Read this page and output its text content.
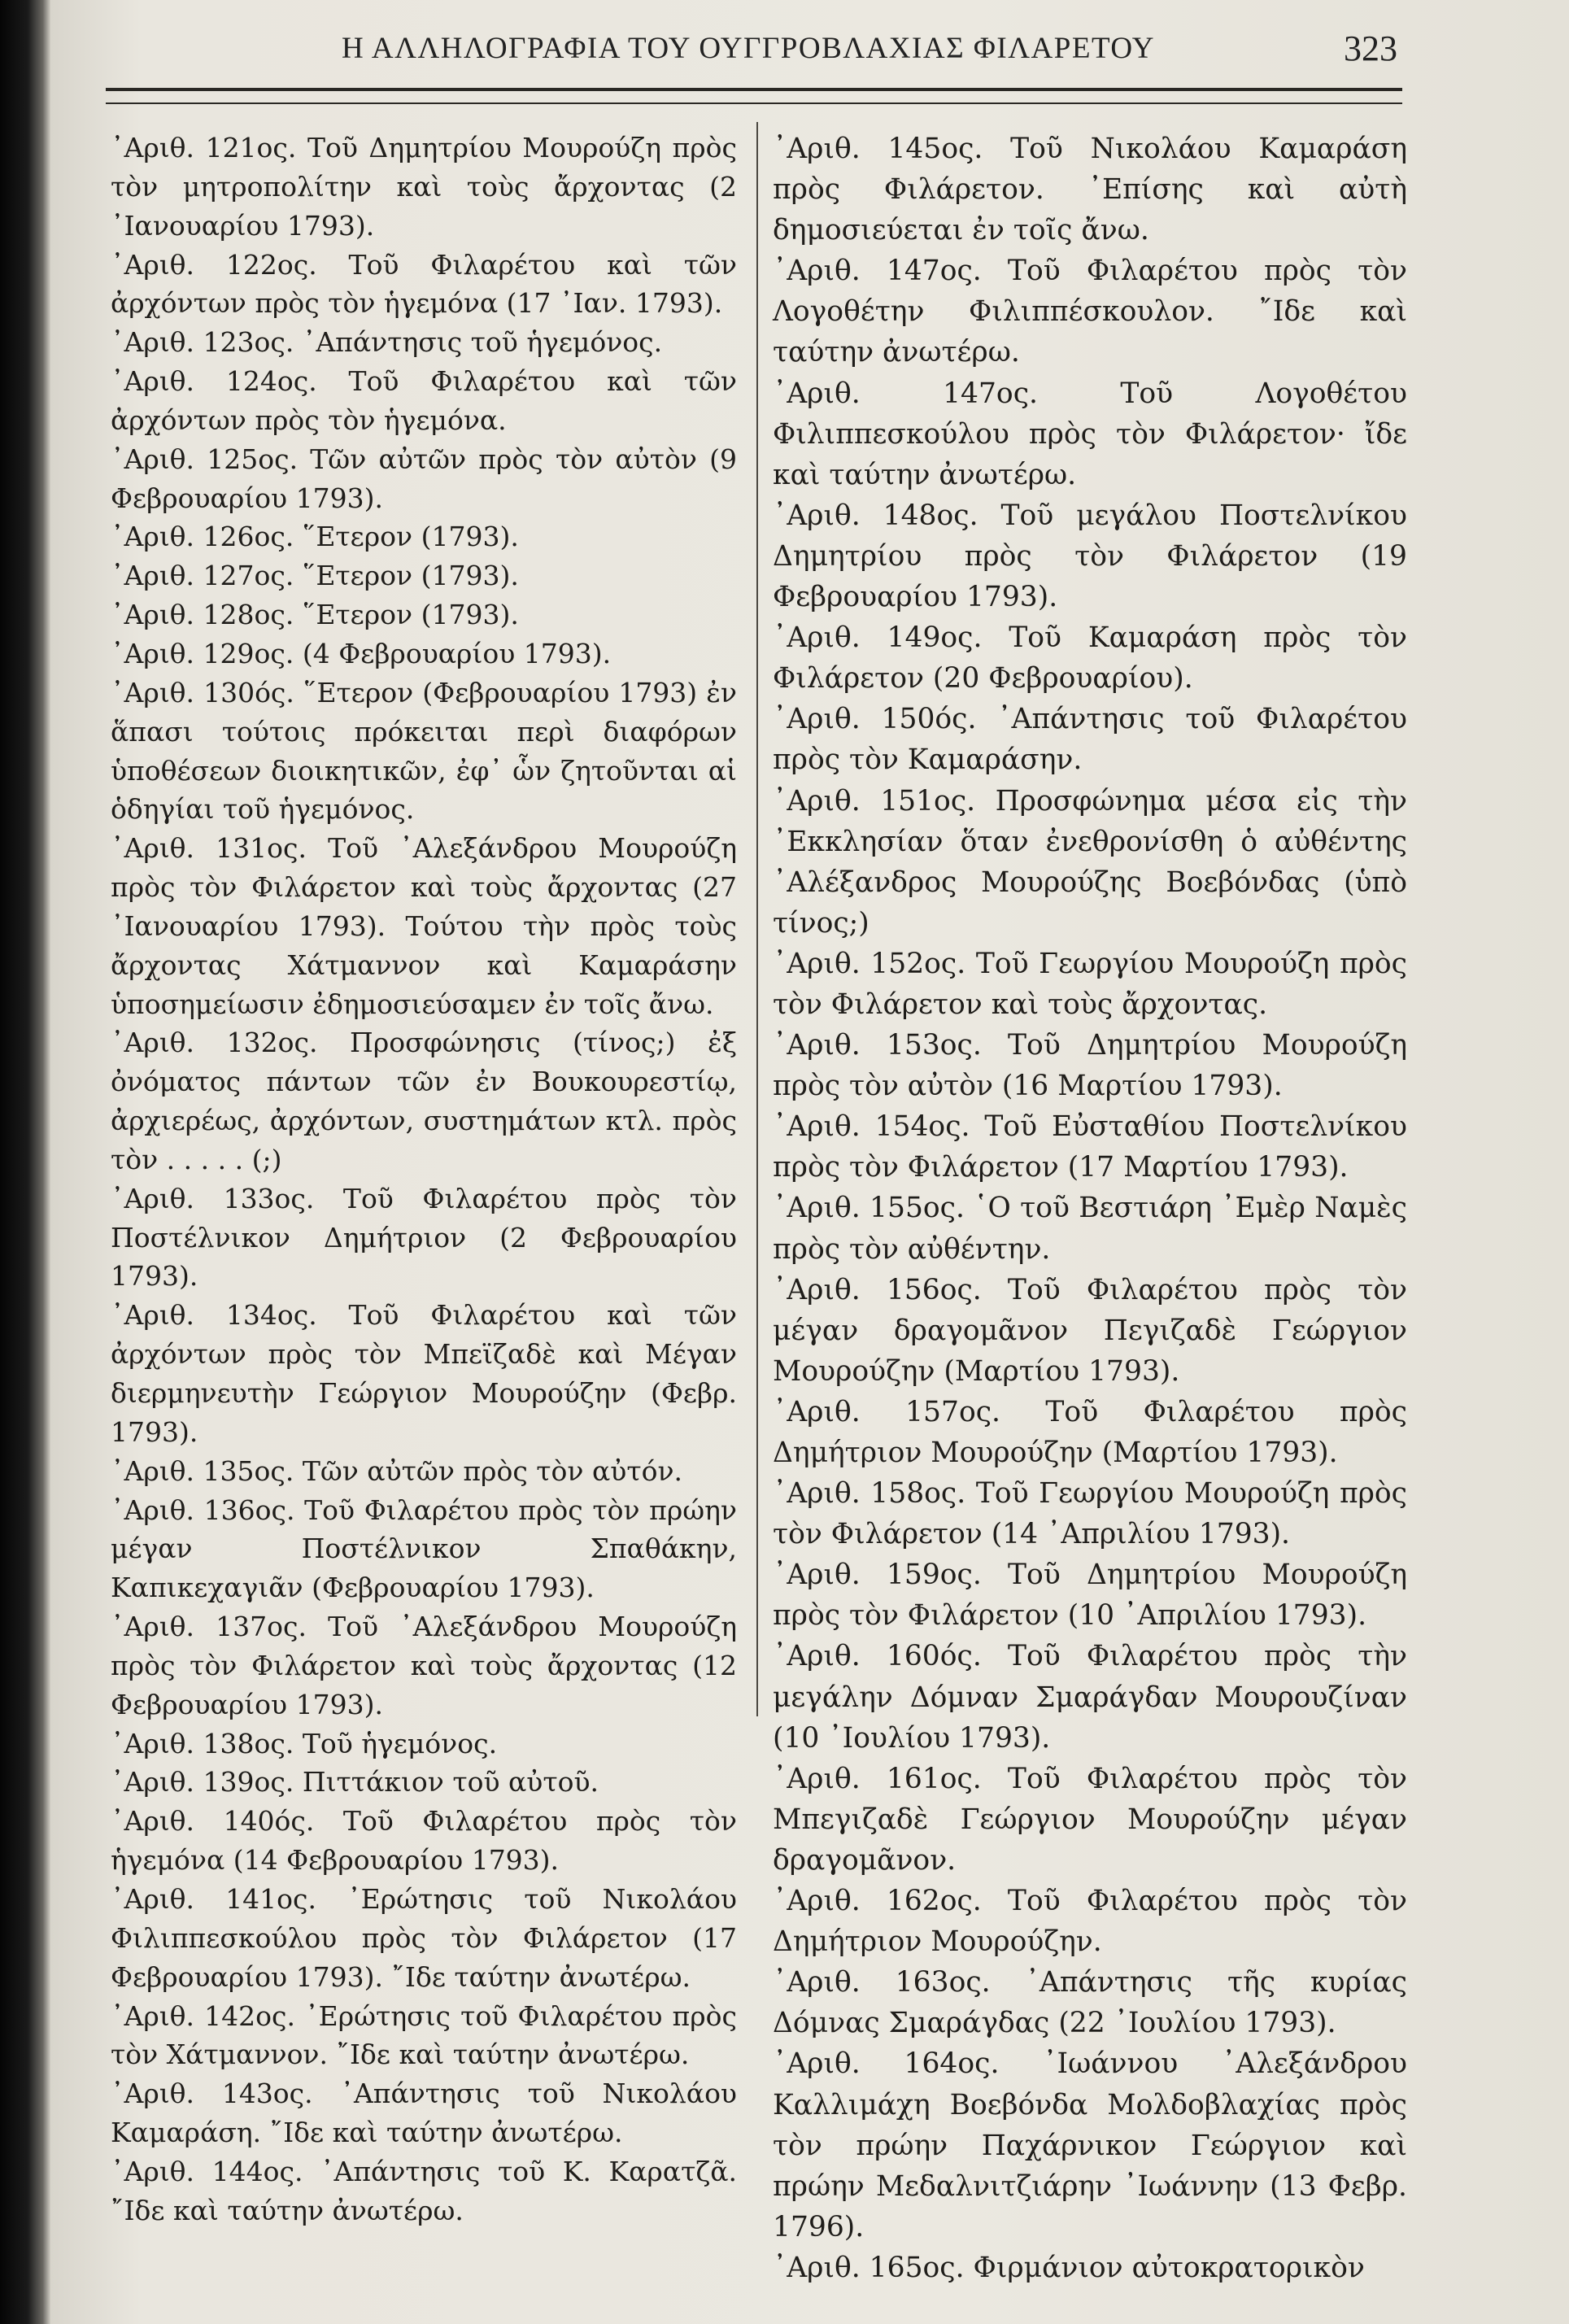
Η ΑΛΛΗΛΟΓΡΑΦΙΑ ΤΟΥ ΟΥΓΓΡΟΒΛΑΧΙΑΣ ΦΙΛΑΡΕΤΟΥ	323

᾿Αριθ. 121ος. Τοῦ Δημητρίου Μουρούζη πρὸς τὸν μητροπολίτην καὶ τοὺς ἄρχοντας (2 ᾿Ιανουαρίου 1793).

᾿Αριθ. 122ος. Τοῦ Φιλαρέτου καὶ τῶν ἀρχόντων πρὸς τὸν ἡγεμόνα (17 ᾿Ιαν. 1793).

᾿Αριθ. 123ος. ᾿Απάντησις τοῦ ἡγεμόνος.

᾿Αριθ. 124ος. Τοῦ Φιλαρέτου καὶ τῶν ἀρχόντων πρὸς τὸν ἡγεμόνα.

᾿Αριθ. 125ος. Τῶν αὐτῶν πρὸς τὸν αὐτὸν (9 Φεβρουαρίου 1793).

᾿Αριθ. 126ος. ῞Ετερον (1793).

᾿Αριθ. 127ος. ῞Ετερον (1793).

᾿Αριθ. 128ος. ῞Ετερον (1793).

᾿Αριθ. 129ος. (4 Φεβρουαρίου 1793).

᾿Αριθ. 130ός. ῞Ετερον (Φεβρουαρίου 1793) ἐν ἅπασι τούτοις πρόκειται περὶ διαφόρων ὑποθέσεων διοικητικῶν, ἐφ᾿ ὧν ζητοῦνται αἱ ὁδηγίαι τοῦ ἡγεμόνος.

᾿Αριθ. 131ος. Τοῦ ᾿Αλεξάνδρου Μουρούζη πρὸς τὸν Φιλάρετον καὶ τοὺς ἄρχοντας (27 ᾿Ιανουαρίου 1793). Τούτου τὴν πρὸς τοὺς ἄρχοντας Χάτμαννον καὶ Καμαράσην ὑποσημείωσιν ἐδημοσιεύσαμεν ἐν τοῖς ἄνω.

᾿Αριθ. 132ος. Προσφώνησις (τίνος;) ἐξ ὀνόματος πάντων τῶν ἐν Βουκουρεστίῳ, ἀρχιερέως, ἀρχόντων, συστημάτων κτλ. πρὸς τὸν . . . . . (;)

᾿Αριθ. 133ος. Τοῦ Φιλαρέτου πρὸς τὸν Ποστέλνικον Δημήτριον (2 Φεβρουαρίου 1793).

᾿Αριθ. 134ος. Τοῦ Φιλαρέτου καὶ τῶν ἀρχόντων πρὸς τὸν Μπεϊζαδὲ καὶ Μέγαν διερμηνευτὴν Γεώργιον Μουρούζην (Φεβρ. 1793).

᾿Αριθ. 135ος. Τῶν αὐτῶν πρὸς τὸν αὐτόν.

᾿Αριθ. 136ος. Τοῦ Φιλαρέτου πρὸς τὸν πρώην μέγαν Ποστέλνικον Σπαθάκην, Καπικεχαγιᾶν (Φεβρουαρίου 1793).

᾿Αριθ. 137ος. Τοῦ ᾿Αλεξάνδρου Μουρούζη πρὸς τὸν Φιλάρετον καὶ τοὺς ἄρχοντας (12 Φεβρουαρίου 1793).

᾿Αριθ. 138ος. Τοῦ ἡγεμόνος.

᾿Αριθ. 139ος. Πιττάκιον τοῦ αὐτοῦ.

᾿Αριθ. 140ός. Τοῦ Φιλαρέτου πρὸς τὸν ἡγεμόνα (14 Φεβρουαρίου 1793).

᾿Αριθ. 141ος. ᾿Ερώτησις τοῦ Νικολάου Φιλιππεσκούλου πρὸς τὸν Φιλάρετον (17 Φεβρουαρίου 1793). ῎Ιδε ταύτην ἀνωτέρω.

᾿Αριθ. 142ος. ᾿Ερώτησις τοῦ Φιλαρέτου πρὸς τὸν Χάτμαννον. ῎Ιδε καὶ ταύτην ἀνωτέρω.

᾿Αριθ. 143ος. ᾿Απάντησις τοῦ Νικολάου Καμαράση. ῎Ιδε καὶ ταύτην ἀνωτέρω.

᾿Αριθ. 144ος. ᾿Απάντησις τοῦ Κ. Καρατζᾶ. ῎Ιδε καὶ ταύτην ἀνωτέρω.

᾿Αριθ. 145ος. Τοῦ Νικολάου Καμαράση πρὸς Φιλάρετον. ᾿Επίσης καὶ αὐτὴ δημοσιεύεται ἐν τοῖς ἄνω.

᾿Αριθ. 147ος. Τοῦ Φιλαρέτου πρὸς τὸν Λογοθέτην Φιλιππέσκουλον. ῎Ιδε καὶ ταύτην ἀνωτέρω.

᾿Αριθ. 147ος. Τοῦ Λογοθέτου Φιλιππεσκούλου πρὸς τὸν Φιλάρετον· ἴδε καὶ ταύτην ἀνωτέρω.

᾿Αριθ. 148ος. Τοῦ μεγάλου Ποστελνίκου Δημητρίου πρὸς τὸν Φιλάρετον (19 Φεβρουαρίου 1793).

᾿Αριθ. 149ος. Τοῦ Καμαράση πρὸς τὸν Φιλάρετον (20 Φεβρουαρίου).

᾿Αριθ. 150ός. ᾿Απάντησις τοῦ Φιλαρέτου πρὸς τὸν Καμαράσην.

᾿Αριθ. 151ος. Προσφώνημα μέσα εἰς τὴν ᾿Εκκλησίαν ὅταν ἐνεθρονίσθη ὁ αὐθέντης ᾿Αλέξανδρος Μουρούζης Βοεβόνδας (ὑπὸ τίνος;)

᾿Αριθ. 152ος. Τοῦ Γεωργίου Μουρούζη πρὸς τὸν Φιλάρετον καὶ τοὺς ἄρχοντας.

᾿Αριθ. 153ος. Τοῦ Δημητρίου Μουρούζη πρὸς τὸν αὐτὸν (16 Μαρτίου 1793).

᾿Αριθ. 154ος. Τοῦ Εὐσταθίου Ποστελνίκου πρὸς τὸν Φιλάρετον (17 Μαρτίου 1793).

᾿Αριθ. 155ος. ῾Ο τοῦ Βεστιάρη ᾿Εμὲρ Ναμὲς πρὸς τὸν αὐθέντην.

᾿Αριθ. 156ος. Τοῦ Φιλαρέτου πρὸς τὸν μέγαν δραγομᾶνον Πεγιζαδὲ Γεώργιον Μουρούζην (Μαρτίου 1793).

᾿Αριθ. 157ος. Τοῦ Φιλαρέτου πρὸς Δημήτριον Μουρούζην (Μαρτίου 1793).

᾿Αριθ. 158ος. Τοῦ Γεωργίου Μουρούζη πρὸς τὸν Φιλάρετον (14 ᾿Απριλίου 1793).

᾿Αριθ. 159ος. Τοῦ Δημητρίου Μουρούζη πρὸς τὸν Φιλάρετον (10 ᾿Απριλίου 1793).

᾿Αριθ. 160ός. Τοῦ Φιλαρέτου πρὸς τὴν μεγάλην Δόμναν Σμαράγδαν Μουρουζίναν (10 ᾿Ιουλίου 1793).

᾿Αριθ. 161ος. Τοῦ Φιλαρέτου πρὸς τὸν Μπεγιζαδὲ Γεώργιον Μουρούζην μέγαν δραγομᾶνον.

᾿Αριθ. 162ος. Τοῦ Φιλαρέτου πρὸς τὸν Δημήτριον Μουρούζην.

᾿Αριθ. 163ος. ᾿Απάντησις τῆς κυρίας Δόμνας Σμαράγδας (22 ᾿Ιουλίου 1793).

᾿Αριθ. 164ος. ᾿Ιωάννου ᾿Αλεξάνδρου Καλλιμάχη Βοεβόνδα Μολδοβλαχίας πρὸς τὸν πρώην Παχάρνικον Γεώργιον καὶ πρώην Μεδαλνιτζιάρην ᾿Ιωάννην (13 Φεβρ. 1796).

᾿Αριθ. 165ος. Φιρμάνιον αὐτοκρατορικὸν
